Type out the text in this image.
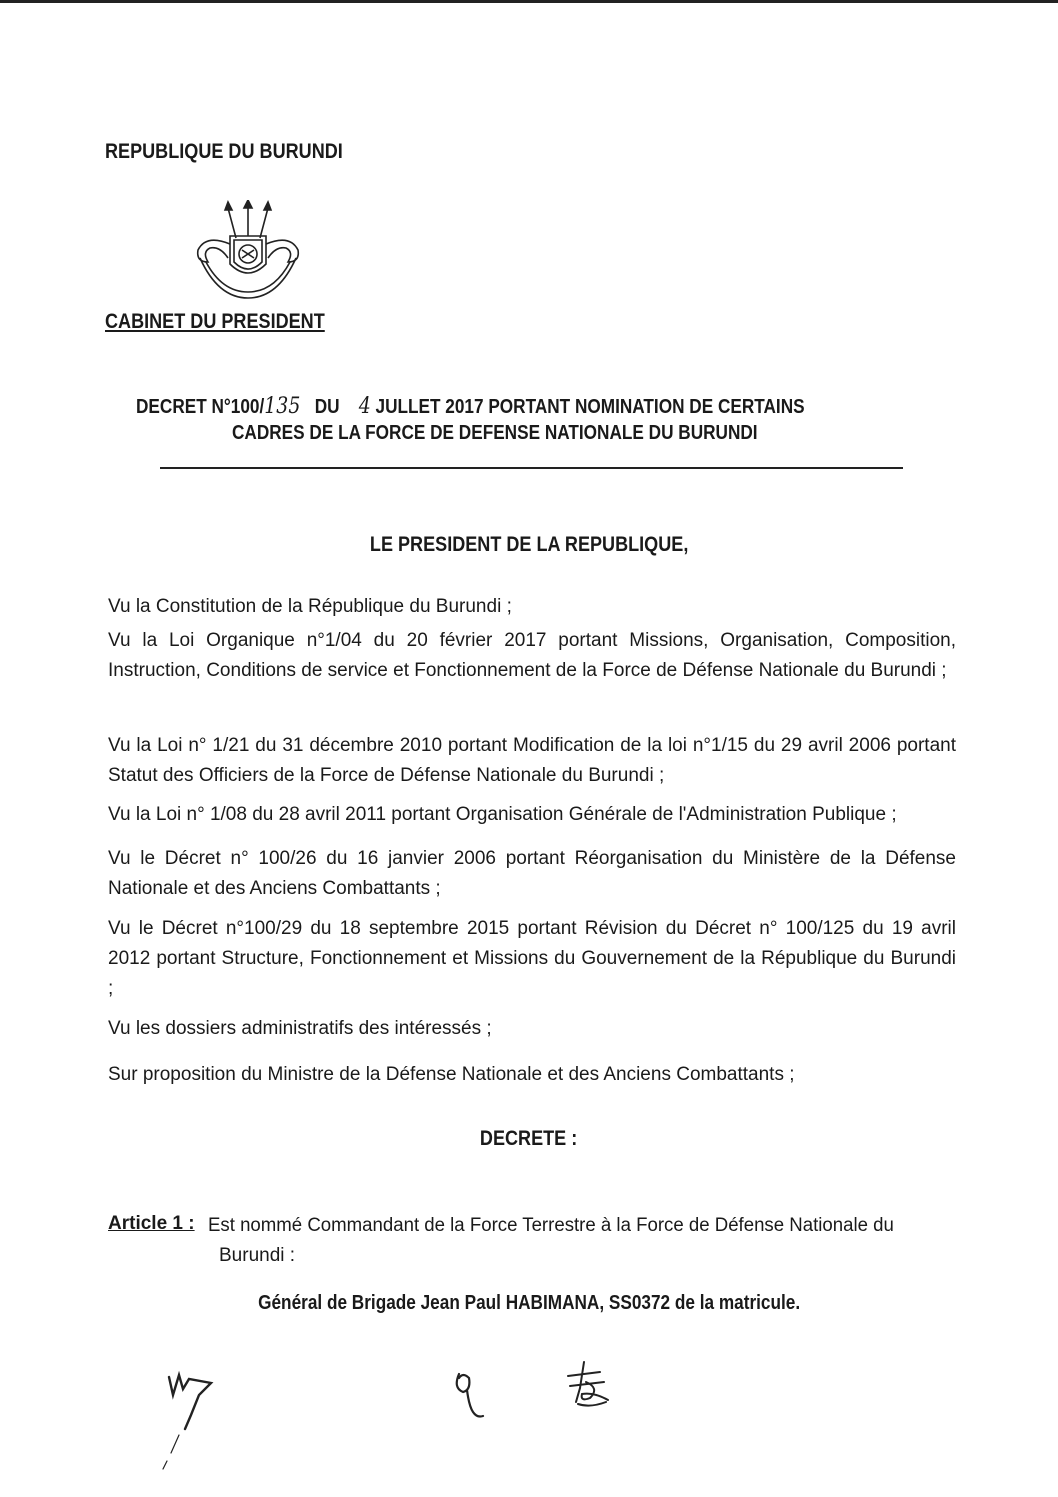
REPUBLIQUE DU BURUNDI
CABINET DU PRESIDENT
DECRET N°100/135 DU 4 JULLET 2017 PORTANT NOMINATION DE CERTAINS
CADRES DE LA FORCE DE DEFENSE NATIONALE DU BURUNDI
LE PRESIDENT DE LA REPUBLIQUE,
Vu la Constitution de la République du Burundi ;
Vu la Loi Organique n°1/04 du 20 février 2017 portant Missions, Organisation, Composition, Instruction, Conditions de service et Fonctionnement de la Force de Défense Nationale du Burundi ;
Vu la Loi n° 1/21 du 31 décembre 2010 portant Modification de la loi n°1/15 du 29 avril 2006 portant Statut des Officiers de la Force de Défense Nationale du Burundi ;
Vu la Loi n° 1/08 du 28 avril 2011 portant Organisation Générale de l'Administration Publique ;
Vu le Décret n° 100/26 du 16 janvier 2006 portant Réorganisation du Ministère de la Défense Nationale et des Anciens Combattants ;
Vu le Décret n°100/29 du 18 septembre 2015 portant Révision du Décret n° 100/125 du 19 avril 2012 portant Structure, Fonctionnement et Missions du Gouvernement de la République du Burundi ;
Vu les dossiers administratifs des intéressés ;
Sur proposition du Ministre de la Défense Nationale et des Anciens Combattants ;
DECRETE :
Article 1 : Est nommé Commandant de la Force Terrestre à la Force de Défense Nationale du
Burundi :
Général de Brigade Jean Paul HABIMANA, SS0372 de la matricule.
